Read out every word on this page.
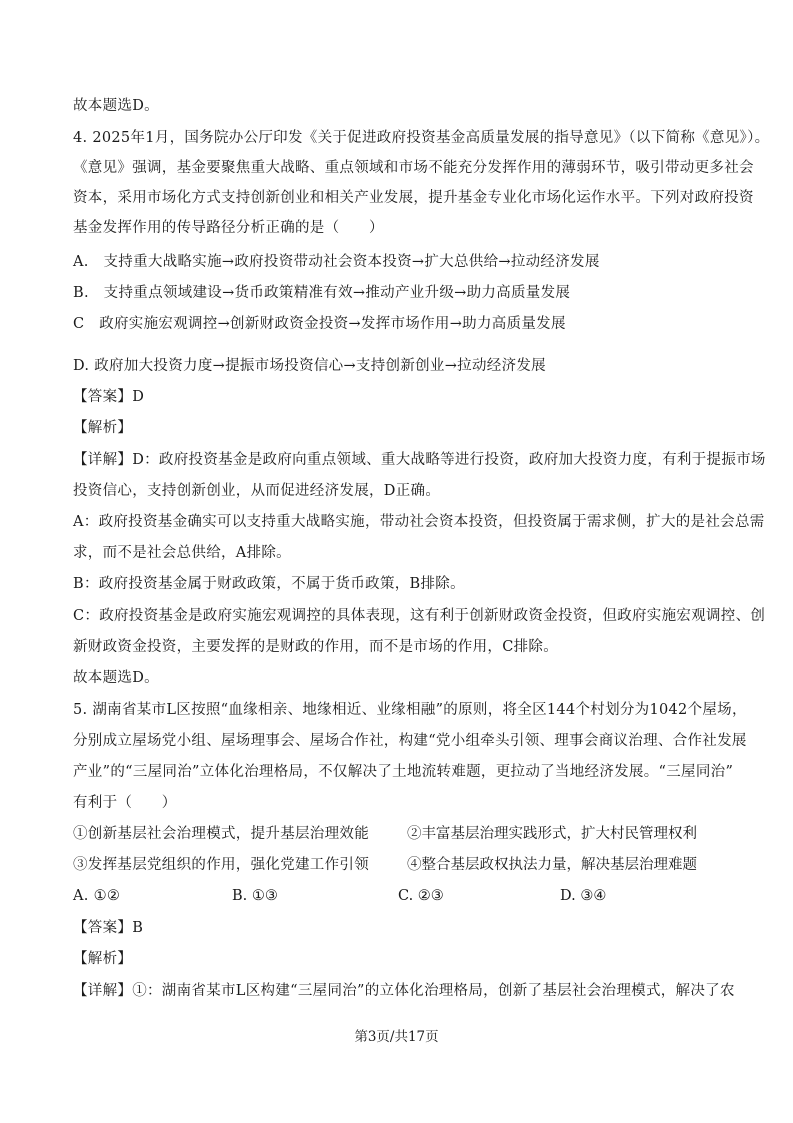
故本题选D。
4. 2025年1月，国务院办公厅印发《关于促进政府投资基金高质量发展的指导意见》（以下简称《意见》）。
《意见》强调，基金要聚焦重大战略、重点领域和市场不能充分发挥作用的薄弱环节，吸引带动更多社会
资本，采用市场化方式支持创新创业和相关产业发展，提升基金专业化市场化运作水平。下列对政府投资
基金发挥作用的传导路径分析正确的是（　　）
A.　支持重大战略实施→政府投资带动社会资本投资→扩大总供给→拉动经济发展
B.　支持重点领域建设→货币政策精准有效→推动产业升级→助力高质量发展
C　政府实施宏观调控→创新财政资金投资→发挥市场作用→助力高质量发展
D. 政府加大投资力度→提振市场投资信心→支持创新创业→拉动经济发展
【答案】D
【解析】
【详解】D：政府投资基金是政府向重点领域、重大战略等进行投资，政府加大投资力度，有利于提振市场
投资信心，支持创新创业，从而促进经济发展，D正确。
A：政府投资基金确实可以支持重大战略实施，带动社会资本投资，但投资属于需求侧，扩大的是社会总需
求，而不是社会总供给，A排除。
B：政府投资基金属于财政政策，不属于货币政策，B排除。
C：政府投资基金是政府实施宏观调控的具体表现，这有利于创新财政资金投资，但政府实施宏观调控、创
新财政资金投资，主要发挥的是财政的作用，而不是市场的作用，C排除。
故本题选D。
5. 湖南省某市L区按照“血缘相亲、地缘相近、业缘相融”的原则，将全区144个村划分为1042个屋场，
分别成立屋场党小组、屋场理事会、屋场合作社，构建“党小组牵头引领、理事会商议治理、合作社发展
产业”的“三屋同治”立体化治理格局，不仅解决了土地流转难题，更拉动了当地经济发展。“三屋同治”
有利于（　　）
①创新基层社会治理模式，提升基层治理效能	②丰富基层治理实践形式，扩大村民管理权利
③发挥基层党组织的作用，强化党建工作引领	④整合基层政权执法力量，解决基层治理难题
A. ①②	B. ①③	C. ②③	D. ③④
【答案】B
【解析】
【详解】①：湖南省某市L区构建“三屋同治”的立体化治理格局，创新了基层社会治理模式，解决了农
第3页/共17页
